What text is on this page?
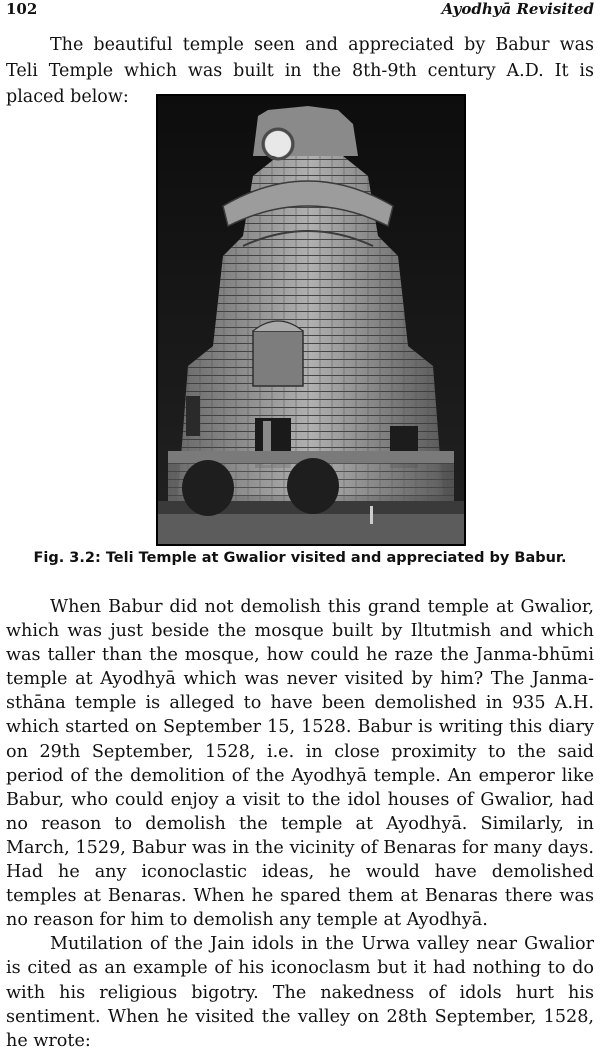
102	Ayodhyā Revisited

The beautiful temple seen and appreciated by Babur was Teli Temple which was built in the 8th-9th century A.D. It is placed below:

Fig. 3.2: Teli Temple at Gwalior visited and appreciated by Babur.

When Babur did not demolish this grand temple at Gwalior, which was just beside the mosque built by Iltutmish and which was taller than the mosque, how could he raze the Janma-bhūmi temple at Ayodhyā which was never visited by him? The Janma-sthāna temple is alleged to have been demolished in 935 A.H. which started on September 15, 1528. Babur is writing this diary on 29th September, 1528, i.e. in close proximity to the said period of the demolition of the Ayodhyā temple. An emperor like Babur, who could enjoy a visit to the idol houses of Gwalior, had no reason to demolish the temple at Ayodhyā. Similarly, in March, 1529, Babur was in the vicinity of Benaras for many days. Had he any iconoclastic ideas, he would have demolished temples at Benaras. When he spared them at Benaras there was no reason for him to demolish any temple at Ayodhyā.

Mutilation of the Jain idols in the Urwa valley near Gwalior is cited as an example of his iconoclasm but it had nothing to do with his religious bigotry. The nakedness of idols hurt his sentiment. When he visited the valley on 28th September, 1528, he wrote:
